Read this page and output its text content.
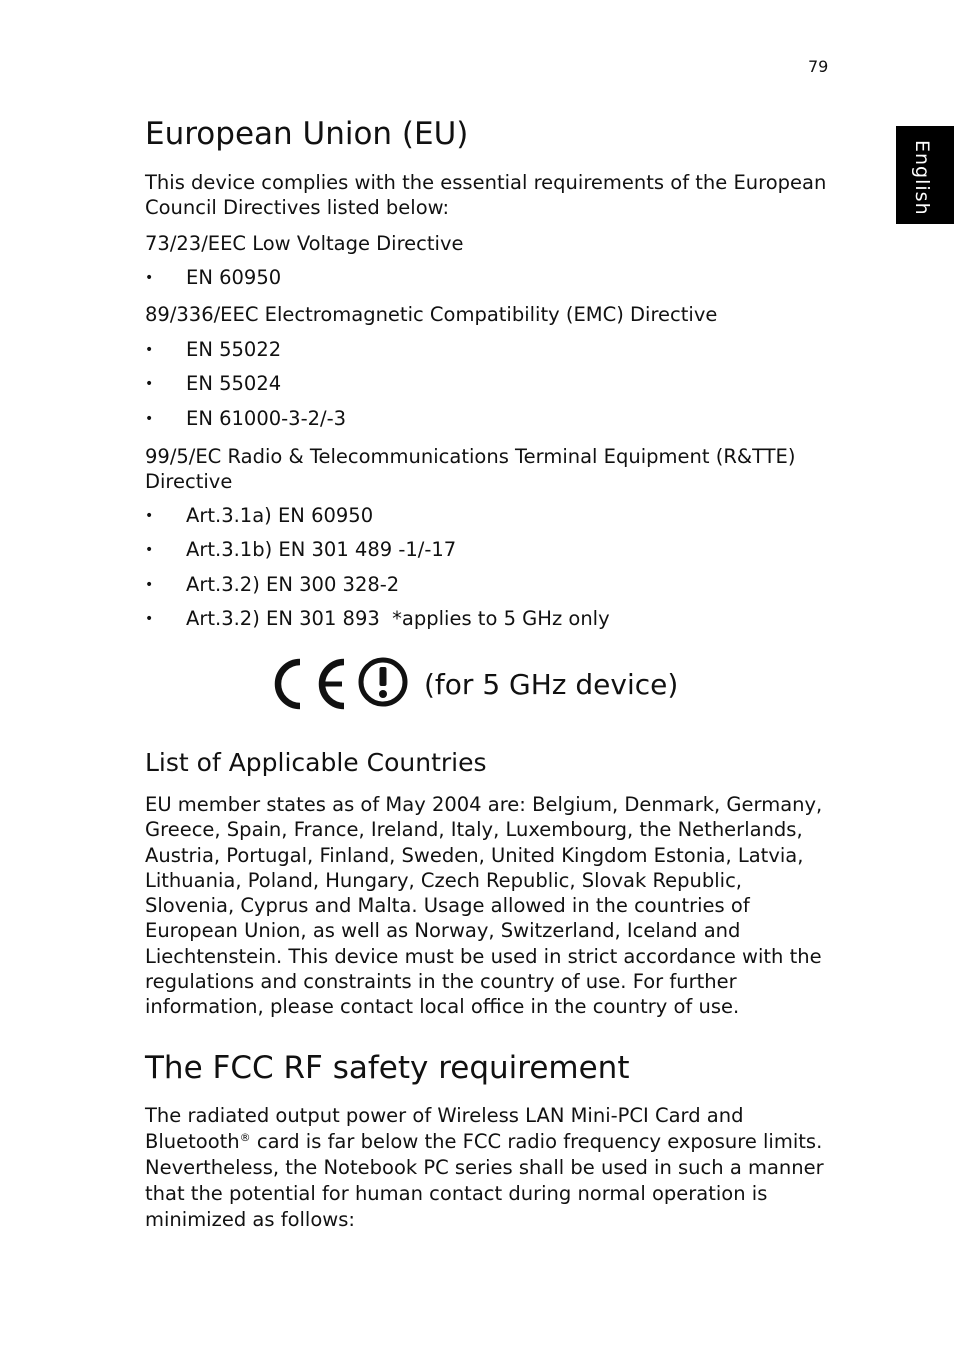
79
English
European Union (EU)
This device complies with the essential requirements of the European Council Directives listed below:
73/23/EEC Low Voltage Directive
• EN 60950
89/336/EEC Electromagnetic Compatibility (EMC) Directive
• EN 55022
• EN 55024
• EN 61000-3-2/-3
99/5/EC Radio & Telecommunications Terminal Equipment (R&TTE) Directive
• Art.3.1a) EN 60950
• Art.3.1b) EN 301 489 -1/-17
• Art.3.2) EN 300 328-2
• Art.3.2) EN 301 893  *applies to 5 GHz only
List of Applicable Countries
EU member states as of May 2004 are: Belgium, Denmark, Germany, Greece, Spain, France, Ireland, Italy, Luxembourg, the Netherlands, Austria, Portugal, Finland, Sweden, United Kingdom Estonia, Latvia, Lithuania, Poland, Hungary, Czech Republic, Slovak Republic, Slovenia, Cyprus and Malta. Usage allowed in the countries of European Union, as well as Norway, Switzerland, Iceland and Liechtenstein. This device must be used in strict accordance with the regulations and constraints in the country of use. For further information, please contact local office in the country of use.
The FCC RF safety requirement
The radiated output power of Wireless LAN Mini-PCI Card and Bluetooth® card is far below the FCC radio frequency exposure limits. Nevertheless, the Notebook PC series shall be used in such a manner that the potential for human contact during normal operation is minimized as follows:
(for 5 GHz device)
